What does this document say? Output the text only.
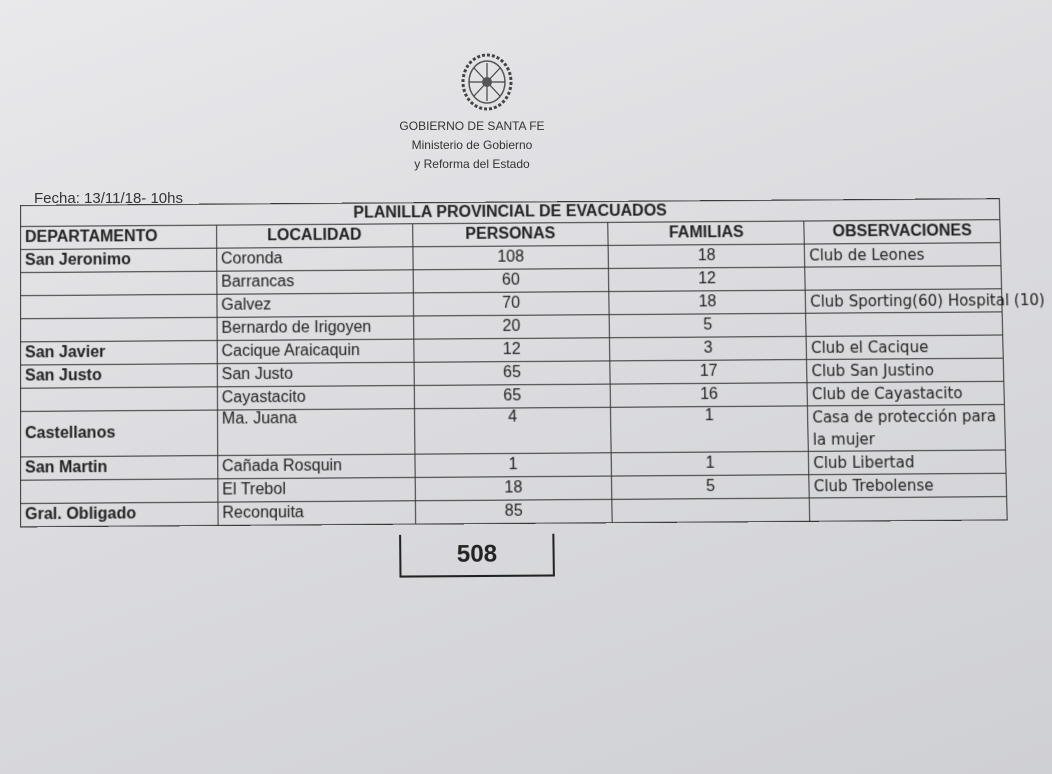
GOBIERNO DE SANTA FE
Ministerio de Gobierno
y Reforma del Estado
Fecha: 13/11/18- 10hs
PLANILLA PROVINCIAL DE EVACUADOS				
DEPARTAMENTO	LOCALIDAD	PERSONAS	FAMILIAS	OBSERVACIONES
San Jeronimo	Coronda	108	18	Club de Leones
	Barrancas	60	12	
	Galvez	70	18	Club Sporting(60) Hospital (10)
	Bernardo de Irigoyen	20	5	
San Javier	Cacique Araicaquin	12	3	Club el Cacique
San Justo	San Justo	65	17	Club San Justino
	Cayastacito	65	16	Club de Cayastacito
Castellanos	Ma. Juana	4	1	Casa de protección para la mujer
San Martin	Cañada Rosquin	1	1	Club Libertad
	El Trebol	18	5	Club Trebolense
Gral. Obligado	Reconquita	85		
508
